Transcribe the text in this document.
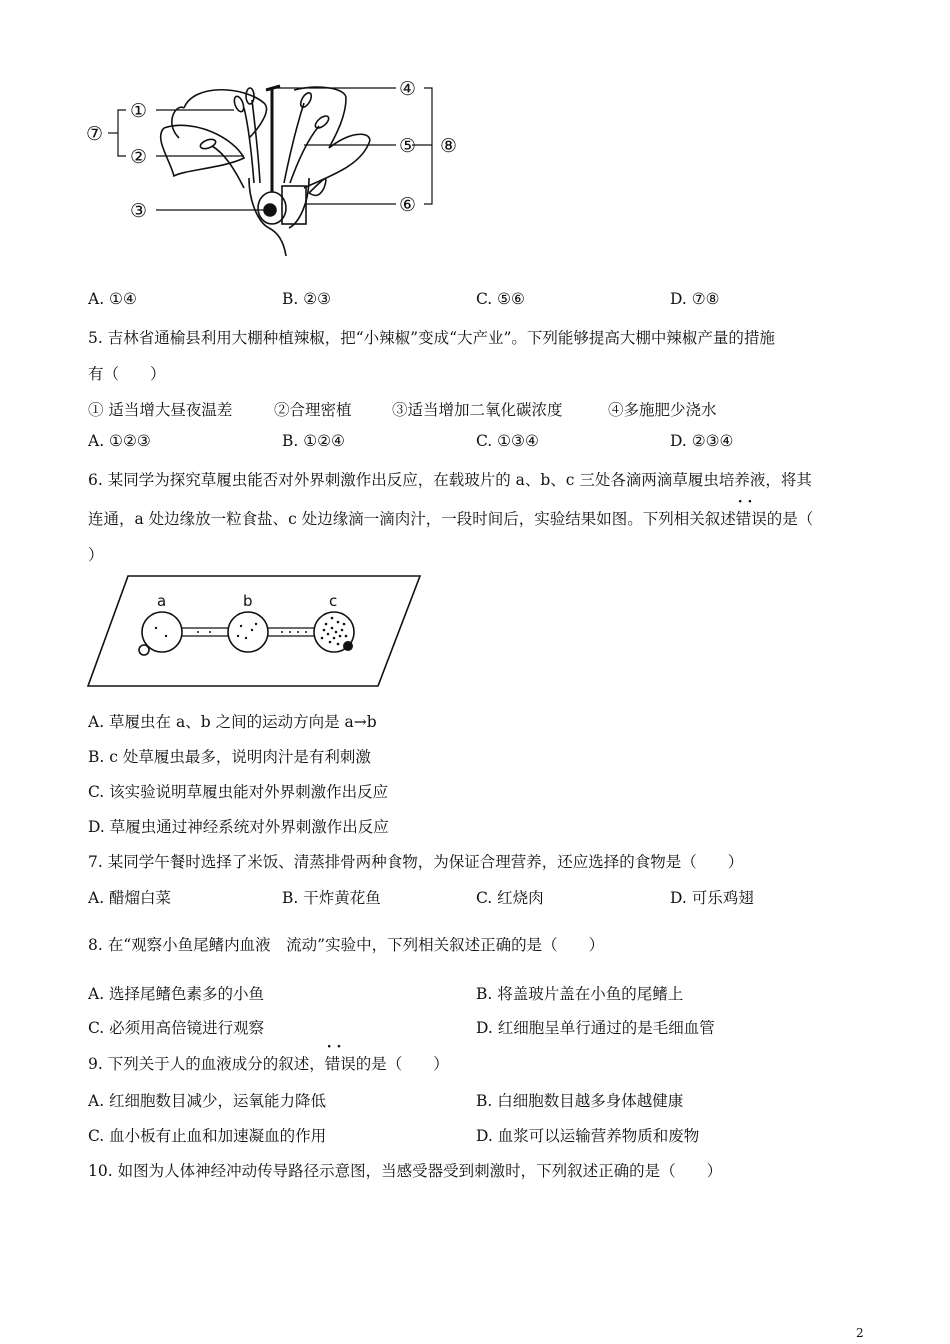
①
②
③
④
⑤
⑥
⑦
⑧
A. ①④	B. ②③	C. ⑤⑥	D. ⑦⑧
5. 吉林省通榆县利用大棚种植辣椒，把“小辣椒”变成“大产业”。下列能够提高大棚中辣椒产量的措施
有（　　）
① 适当增大昼夜温差	②合理密植	③适当增加二氧化碳浓度	④多施肥少浇水
A. ①②③	B. ①②④	C. ①③④	D. ②③④
6. 某同学为探究草履虫能否对外界刺激作出反应，在载玻片的 a、b、c 三处各滴两滴草履虫培养液，将其
连通，a 处边缘放一粒食盐、c 处边缘滴一滴肉汁，一段时间后，实验结果如图。下列相关叙述· · 错误的是（
）
a	b	c
A. 草履虫在 a、b 之间的运动方向是 a→b
B. c 处草履虫最多，说明肉汁是有利刺激
C. 该实验说明草履虫能对外界刺激作出反应
D. 草履虫通过神经系统对外界刺激作出反应
7. 某同学午餐时选择了米饭、清蒸排骨两种食物，为保证合理营养，还应选择的食物是（　　）
A. 醋熘白菜	B. 干炸黄花鱼	C. 红烧肉	D. 可乐鸡翅
8. 在“观察小鱼尾鳍内血液　流动”实验中，下列相关叙述正确的是（　　）
A. 选择尾鳍色素多的小鱼	B. 将盖玻片盖在小鱼的尾鳍上
C. 必须用高倍镜进行观察	D. 红细胞呈单行通过的是毛细血管
9. 下列关于人的血液成分的叙述，· · 错误的是（　　）
A. 红细胞数目减少，运氧能力降低	B. 白细胞数目越多身体越健康
C. 血小板有止血和加速凝血的作用	D. 血浆可以运输营养物质和废物
10. 如图为人体神经冲动传导路径示意图，当感受器受到刺激时，下列叙述正确的是（　　）
2
